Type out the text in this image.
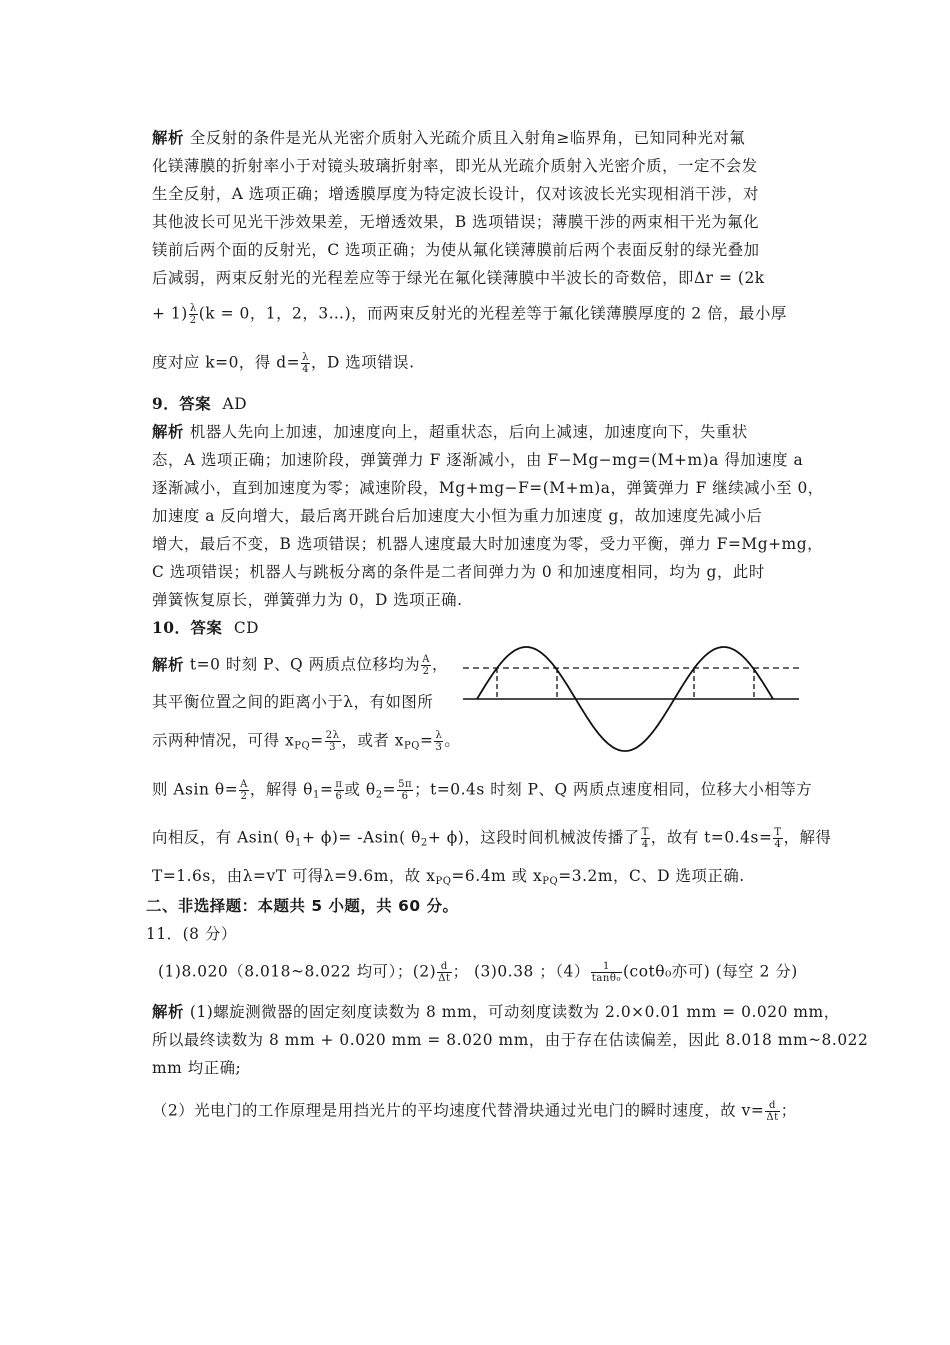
解析 全反射的条件是光从光密介质射入光疏介质且入射角≥临界角，已知同种光对氟
化镁薄膜的折射率小于对镜头玻璃折射率，即光从光疏介质射入光密介质，一定不会发
生全反射，A 选项正确；增透膜厚度为特定波长设计，仅对该波长光实现相消干涉，对
其他波长可见光干涉效果差，无增透效果，B 选项错误；薄膜干涉的两束相干光为氟化
镁前后两个面的反射光，C 选项正确；为使从氟化镁薄膜前后两个表面反射的绿光叠加
后减弱，两束反射光的光程差应等于绿光在氟化镁薄膜中半波长的奇数倍，即Δr = (2k
+ $1) \frac{\lambda}{2} (k = 0$，1，2，3…)，而两束反射光的光程差等于氟化镁薄膜厚度的 2 倍，最小厚
度对应 k=0，得 $d= \frac{\lambda}{4}$ ，D 选项错误.
9．答案 AD
解析 机器人先向上加速，加速度向上，超重状态，后向上减速，加速度向下，失重状
态，A 选项正确；加速阶段，弹簧弹力 F 逐渐减小，由 F−Mg−mg=(M+m)a 得加速度 a
逐渐减小，直到加速度为零；减速阶段，Mg+mg−F=(M+m)a，弹簧弹力 F 继续减小至 0，
加速度 a 反向增大，最后离开跳台后加速度大小恒为重力加速度 g，故加速度先减小后
增大，最后不变，B 选项错误；机器人速度最大时加速度为零，受力平衡，弹力 F=Mg+mg，
C 选项错误；机器人与跳板分离的条件是二者间弹力为 0 和加速度相同，均为 g，此时
弹簧恢复原长，弹簧弹力为 0，D 选项正确.
10．答案 CD
解析 t=0 时刻 P、Q 两质点位移均为 $\frac{A}{2}$ ，
其平衡位置之间的距离小于λ，有如图所
示两种情况，可得 $x_{PQ}= \frac{2\lambda}{3}$ ，或者 $x_{PQ}= \frac{\lambda}{3}$ 。
则 Asin $\theta= \frac{A}{2}$ ，解得 $\theta_1= \frac{\pi}{6}$ 或 $\theta_2= \frac{5\pi}{6}$ ；t=0.4s 时刻 P、Q 两质点速度相同，位移大小相等方
向相反，有 Asin( $\theta_1+ \phi)= -Asin$( $\theta_2+ \phi$)，这段时间机械波传播了 $\frac{T}{4}$ ，故有 $t=0.4s= \frac{T}{4}$ ，解得
T=1.6s，由λ=vT 可得λ=9.6m，故 $x_{PQ}=6.4m$ 或 $x_{PQ}=3.2m$，C、D 选项正确.
二、非选择题：本题共 5 小题，共 60 分。
11．(8 分）
(1)8.020（8.018~8.022 均可）；$(2) \frac{d}{\Delta t}$ ； (3)0.38 ；$(4) \frac{1}{\text{tanθ₀}} (\cot\theta_0$亦可) (每空 2 分)
解析 (1)螺旋测微器的固定刻度读数为 8 mm，可动刻度读数为 2.0×0.01 mm = 0.020 mm，
所以最终读数为 8 mm + 0.020 mm = 8.020 mm，由于存在估读偏差，因此 8.018 mm~8.022
mm 均正确;
（2）光电门的工作原理是用挡光片的平均速度代替滑块通过光电门的瞬时速度，故 $v= \frac{d}{\Delta t}$ ；
